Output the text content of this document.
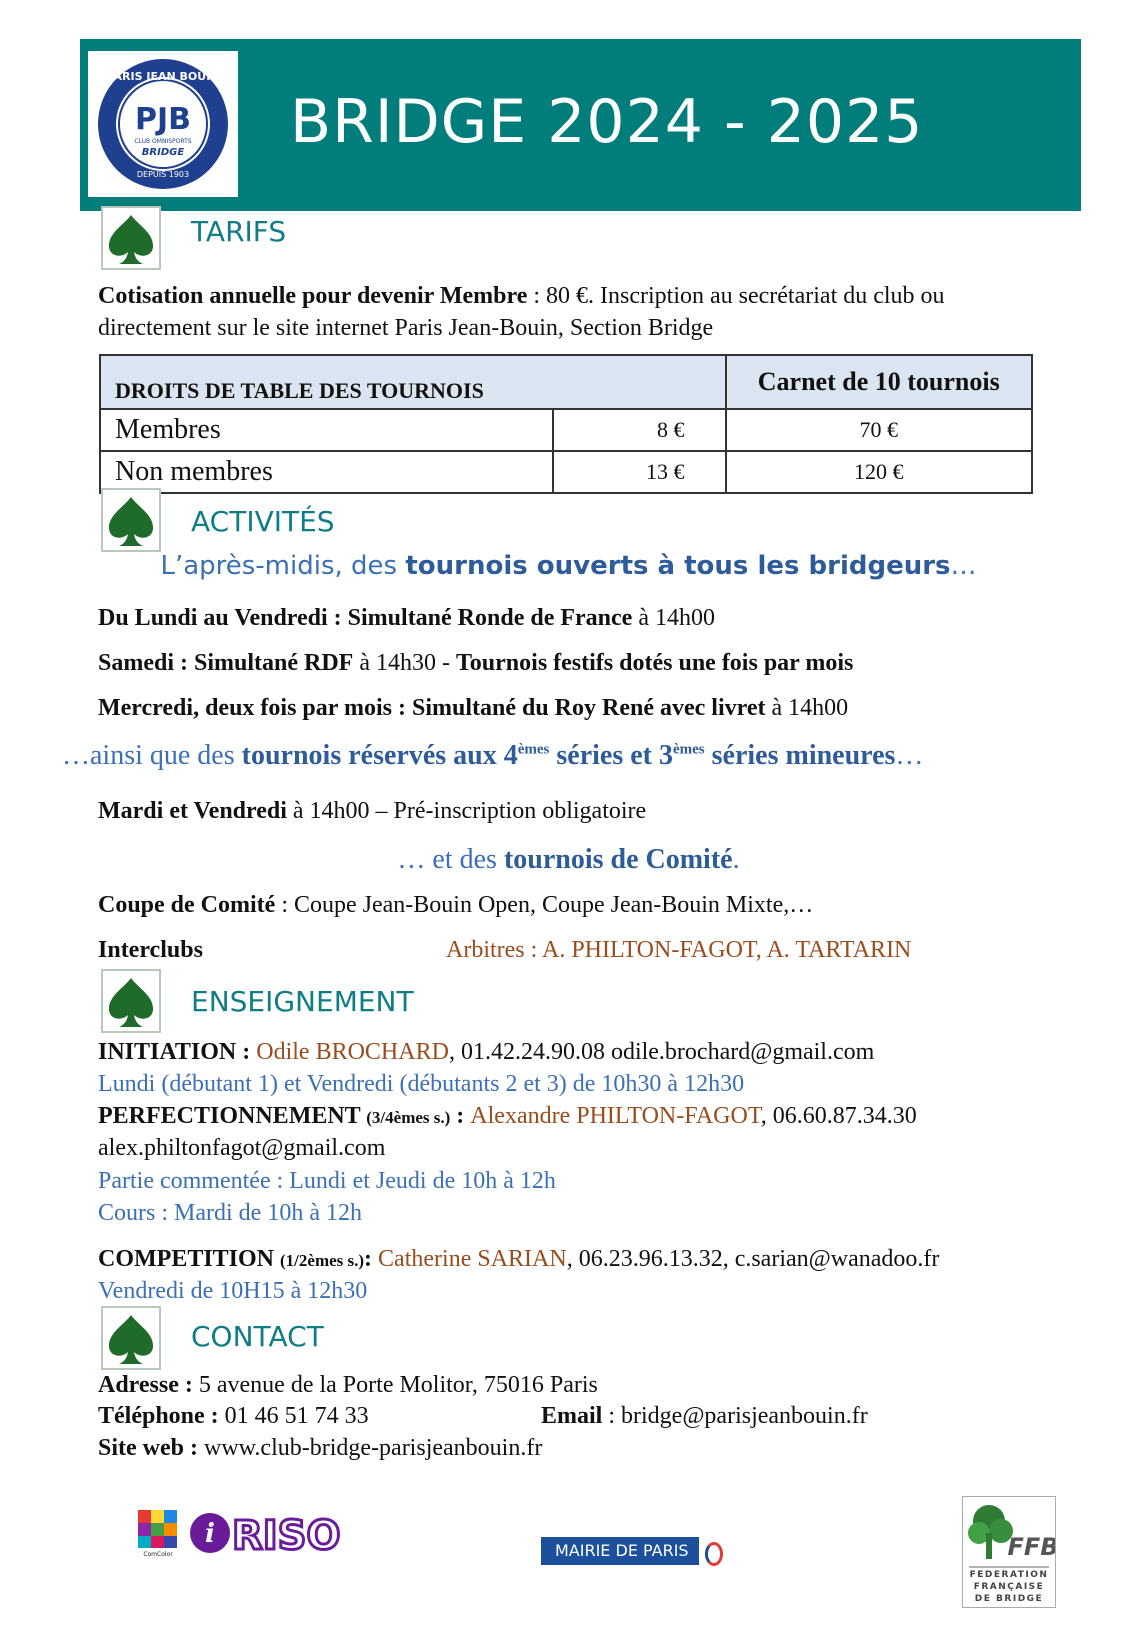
PARIS JEAN BOUIN
PJB
CLUB OMNISPORTS
BRIDGE
DEPUIS 1903
BRIDGE 2024 - 2025
TARIFS
Cotisation annuelle pour devenir Membre : 80 €. Inscription au secrétariat du club ou
directement sur le site internet Paris Jean-Bouin, Section Bridge
DROITS DE TABLE DES TOURNOIS		Carnet de 10 tournois
Membres	8 €	70 €
Non membres	13 €	120 €
ACTIVITÉS
L’après-midis, des tournois ouverts à tous les bridgeurs…
Du Lundi au Vendredi : Simultané Ronde de France à 14h00
Samedi : Simultané RDF à 14h30 - Tournois festifs dotés une fois par mois
Mercredi, deux fois par mois : Simultané du Roy René avec livret à 14h00
…ainsi que des tournois réservés aux 4èmes séries et 3èmes séries mineures…
Mardi et Vendredi à 14h00 – Pré-inscription obligatoire
… et des tournois de Comité.
Coupe de Comité : Coupe Jean-Bouin Open, Coupe Jean-Bouin Mixte,…
Interclubs	Arbitres : A. PHILTON-FAGOT, A. TARTARIN
ENSEIGNEMENT
INITIATION : Odile BROCHARD, 01.42.24.90.08 odile.brochard@gmail.com
Lundi (débutant 1) et Vendredi (débutants 2 et 3) de 10h30 à 12h30
PERFECTIONNEMENT (3/4èmes s.) : Alexandre PHILTON-FAGOT, 06.60.87.34.30
alex.philtonfagot@gmail.com
Partie commentée : Lundi et Jeudi de 10h à 12h
Cours : Mardi de 10h à 12h
COMPETITION (1/2èmes s.): Catherine SARIAN, 06.23.96.13.32, c.sarian@wanadoo.fr
Vendredi de 10H15 à 12h30
CONTACT
Adresse : 5 avenue de la Porte Molitor, 75016 Paris
Téléphone : 01 46 51 74 33	Email : bridge@parisjeanbouin.fr
Site web : www.club-bridge-parisjeanbouin.fr
ComColor
i RISO	MAIRIE DE PARIS	FFB
FEDERATION
FRANÇAISE
DE BRIDGE
